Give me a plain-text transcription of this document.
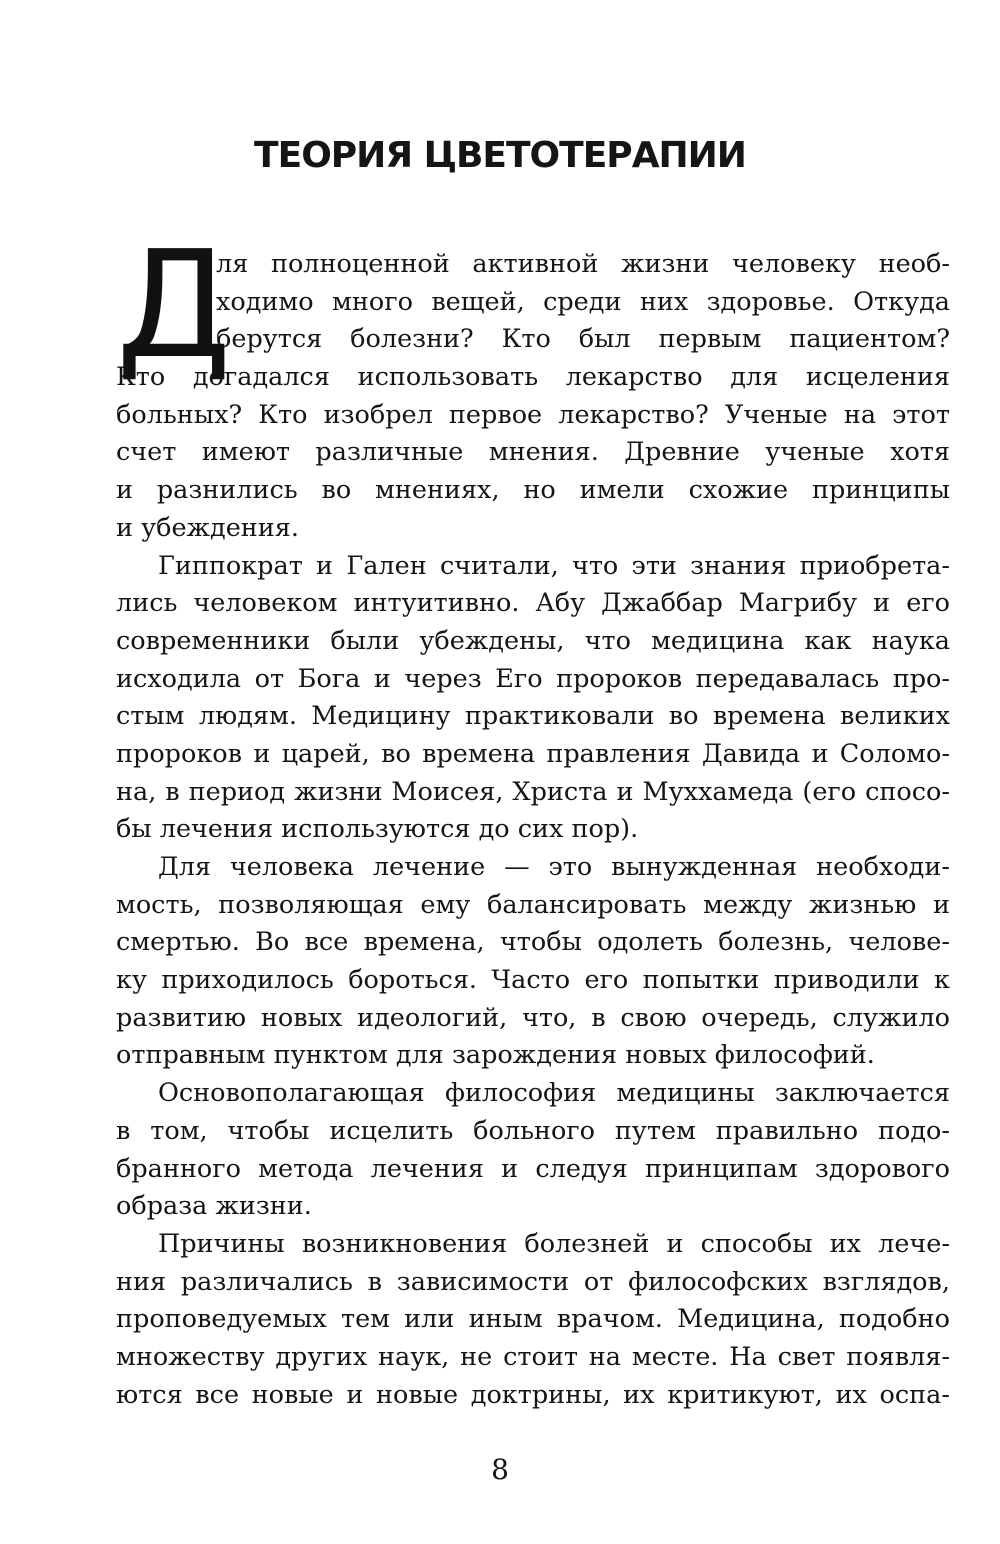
ТЕОРИЯ ЦВЕТОТЕРАПИИ
Д
ля полноценной активной жизни человеку необ-
ходимо много вещей, среди них здоровье. Откуда
берутся болезни? Кто был первым пациентом?
Кто догадался использовать лекарство для исцеления
больных? Кто изобрел первое лекарство? Ученые на этот
счет имеют различные мнения. Древние ученые хотя
и разнились во мнениях, но имели схожие принципы
и убеждения.
Гиппократ и Гален считали, что эти знания приобрета-
лись человеком интуитивно. Абу Джаббар Магрибу и его
современники были убеждены, что медицина как наука
исходила от Бога и через Его пророков передавалась про-
стым людям. Медицину практиковали во времена великих
пророков и царей, во времена правления Давида и Соломо-
на, в период жизни Моисея, Христа и Муххамеда (его спосо-
бы лечения используются до сих пор).
Для человека лечение — это вынужденная необходи-
мость, позволяющая ему балансировать между жизнью и
смертью. Во все времена, чтобы одолеть болезнь, челове-
ку приходилось бороться. Часто его попытки приводили к
развитию новых идеологий, что, в свою очередь, служило
отправным пунктом для зарождения новых философий.
Основополагающая философия медицины заключается
в том, чтобы исцелить больного путем правильно подо-
бранного метода лечения и следуя принципам здорового
образа жизни.
Причины возникновения болезней и способы их лече-
ния различались в зависимости от философских взглядов,
проповедуемых тем или иным врачом. Медицина, подобно
множеству других наук, не стоит на месте. На свет появля-
ются все новые и новые доктрины, их критикуют, их оспа-
8
